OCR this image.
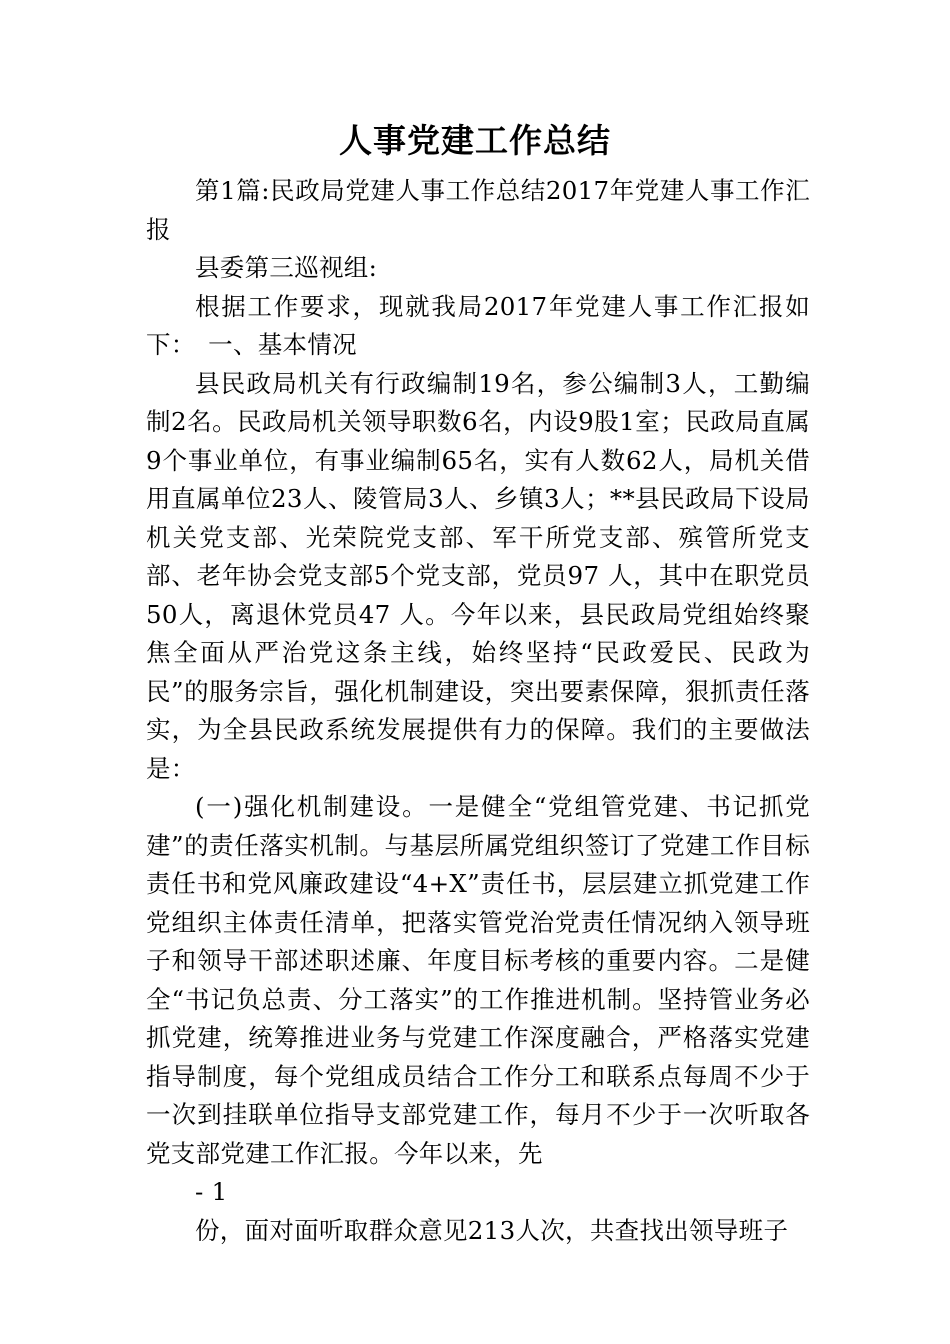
人事党建工作总结

第1篇:民政局党建人事工作总结2017年党建人事工作汇报

县委第三巡视组:

根据工作要求，现就我局2017年党建人事工作汇报如下：　一、基本情况

县民政局机关有行政编制19名，参公编制3人，工勤编制2名。民政局机关领导职数6名，内设9股1室；民政局直属9个事业单位，有事业编制65名，实有人数62人，局机关借用直属单位23人、陵管局3人、乡镇3人；**县民政局下设局机关党支部、光荣院党支部、军干所党支部、殡管所党支部、老年协会党支部5个党支部，党员97 人，其中在职党员50人，离退休党员47 人。今年以来，县民政局党组始终聚焦全面从严治党这条主线，始终坚持“民政爱民、民政为民”的服务宗旨，强化机制建设，突出要素保障，狠抓责任落实，为全县民政系统发展提供有力的保障。我们的主要做法是：

(一)强化机制建设。一是健全“党组管党建、书记抓党建”的责任落实机制。与基层所属党组织签订了党建工作目标责任书和党风廉政建设“4+X”责任书，层层建立抓党建工作党组织主体责任清单，把落实管党治党责任情况纳入领导班子和领导干部述职述廉、年度目标考核的重要内容。二是健全“书记负总责、分工落实”的工作推进机制。坚持管业务必抓党建，统筹推进业务与党建工作深度融合，严格落实党建指导制度，每个党组成员结合工作分工和联系点每周不少于一次到挂联单位指导支部党建工作，每月不少于一次听取各党支部党建工作汇报。今年以来，先

- 1

份，面对面听取群众意见213人次，共查找出领导班子
